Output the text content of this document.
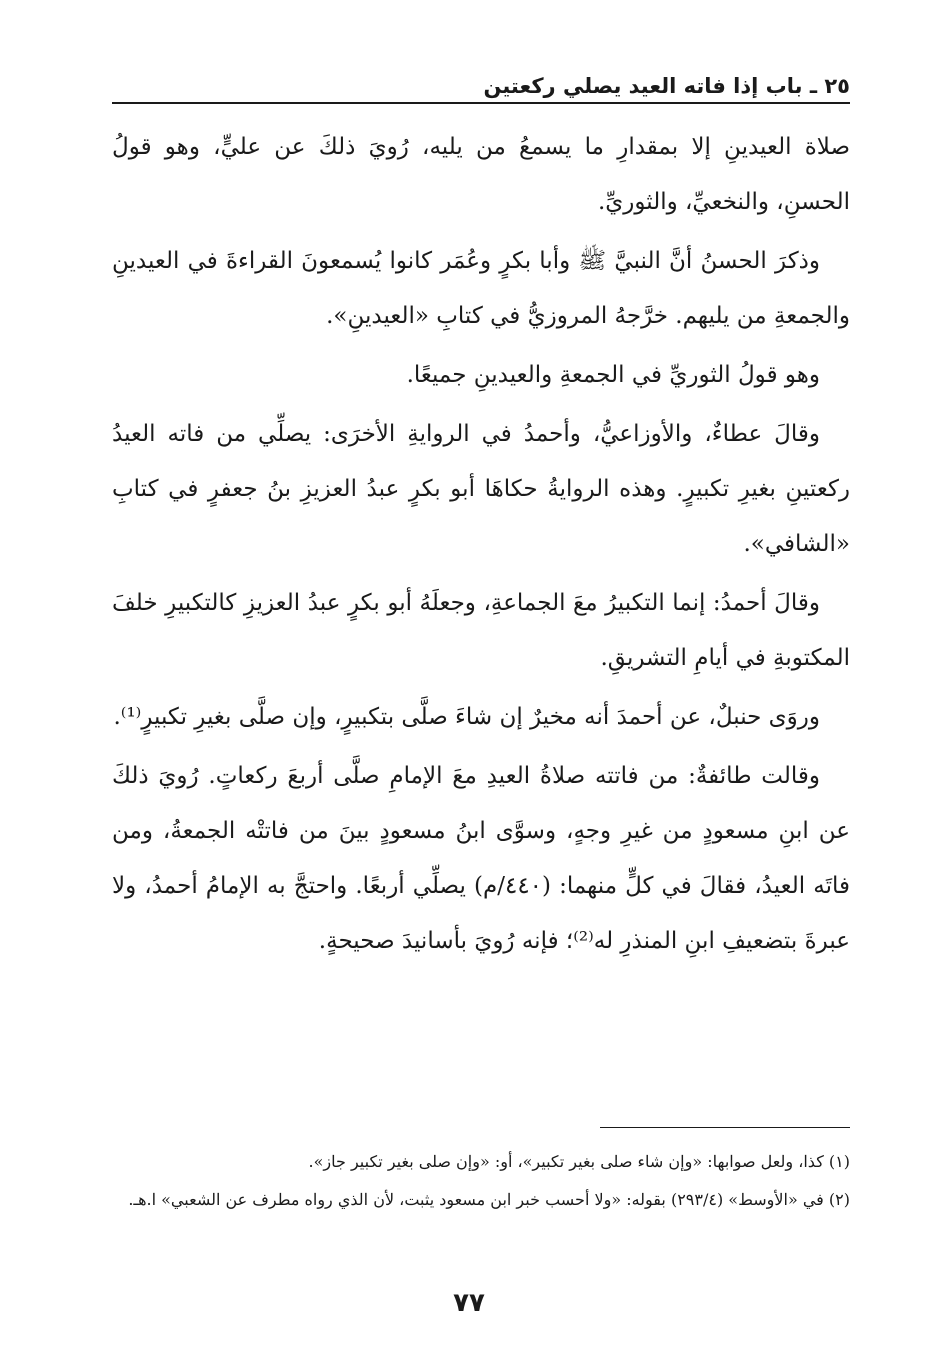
٢٥ ـ باب إذا فاته العيد يصلي ركعتين

صلاة العيدينِ إلا بمقدارِ ما يسمعُ من يليه، رُويَ ذلكَ عن عليٍّ، وهو قولُ الحسنِ، والنخعيِّ، والثوريِّ.

وذكرَ الحسنُ أنَّ النبيَّ ﷺ وأبا بكرٍ وعُمَر كانوا يُسمعونَ القراءةَ في العيدينِ والجمعةِ من يليهم. خرَّجهُ المروزيُّ في كتابِ «العيدينِ».

وهو قولُ الثوريِّ في الجمعةِ والعيدينِ جميعًا.

وقالَ عطاءٌ، والأوزاعيُّ، وأحمدُ في الروايةِ الأخرَى: يصلِّي من فاته العيدُ ركعتينِ بغيرِ تكبيرٍ. وهذه الروايةُ حكاهَا أبو بكرٍ عبدُ العزيزِ بنُ جعفرٍ في كتابِ «الشافي».

وقالَ أحمدُ: إنما التكبيرُ معَ الجماعةِ، وجعلَهُ أبو بكرٍ عبدُ العزيزِ كالتكبيرِ خلفَ المكتوبةِ في أيامِ التشريقِ.

وروَى حنبلٌ، عن أحمدَ أنه مخيرٌ إن شاءَ صلَّى بتكبيرٍ، وإن صلَّى بغيرِ تكبيرٍ⁽¹⁾.

وقالت طائفةٌ: من فاتته صلاةُ العيدِ معَ الإمامِ صلَّى أربعَ ركعاتٍ. رُويَ ذلكَ عن ابنِ مسعودٍ من غيرِ وجهٍ، وسوَّى ابنُ مسعودٍ بينَ من فاتتْه الجمعةُ، ومن فاتَه العيدُ، فقالَ في كلٍّ منهما: (٤٤٠/م) يصلِّي أربعًا. واحتجَّ به الإمامُ أحمدُ، ولا عبرةَ بتضعيفِ ابنِ المنذرِ له⁽²⁾؛ فإنه رُويَ بأسانيدَ صحيحةٍ.

(١) كذا، ولعل صوابها: «وإن شاء صلى بغير تكبير»، أو: «وإن صلى بغير تكبير جاز».

(٢) في «الأوسط» (٢٩٣/٤) بقوله: «ولا أحسب خبر ابن مسعود يثبت، لأن الذي رواه مطرف عن الشعبي» ا.هـ.

٧٧
